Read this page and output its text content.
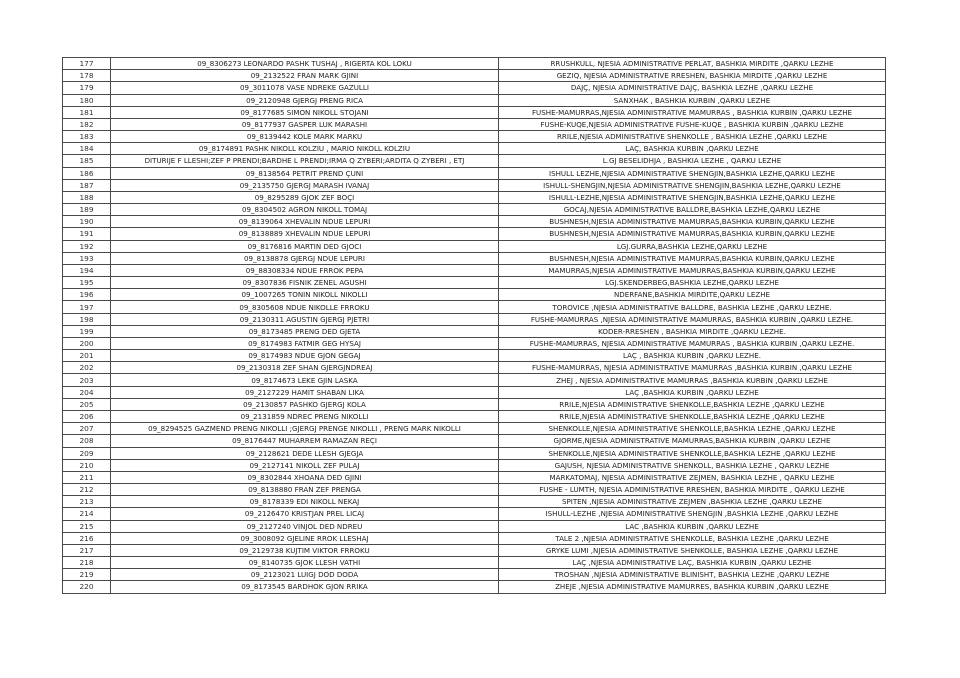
177	09_8306273 LEONARDO PASHK TUSHAJ , RIGERTA KOL LOKU	RRUSHKULL, NJESIA ADMINISTRATIVE PERLAT, BASHKIA MIRDITE ,QARKU LEZHE
178	09_2132522 FRAN MARK GJINI	GEZIQ, NJESIA ADMINISTRATIVE RRESHEN, BASHKIA MIRDITE ,QARKU LEZHE
179	09_3011078 VASE NDREKE GAZULLI	DAJÇ, NJESIA ADMINISTRATIVE DAJÇ, BASHKIA LEZHE ,QARKU LEZHE
180	09_2120948 GJERGJ PRENG RICA	SANXHAK , BASHKIA KURBIN ,QARKU LEZHE
181	09_8177685 SIMON NIKOLL STOJANI	FUSHE-MAMURRAS,NJESIA ADMINISTRATIVE MAMURRAS , BASHKIA KURBIN ,QARKU LEZHE
182	09_8177937 GASPER LUK MARASHI	FUSHE-KUQE,NJESIA ADMINISTRATIVE FUSHE-KUQE , BASHKIA KURBIN ,QARKU LEZHE
183	09_8139442 KOLE MARK MARKU	RRILE,NJESIA ADMINISTRATIVE SHENKOLLE , BASHKIA LEZHE ,QARKU LEZHE
184	09_8174891 PASHK NIKOLL KOLZIU , MARIO NIKOLL KOLZIU	LAÇ, BASHKIA KURBIN ,QARKU LEZHE
185	DITURIJE F LLESHI;ZEF P PRENDI;BARDHE L PRENDI;IRMA Q ZYBERI;ARDITA Q ZYBERI , ETJ	L.GJ BESELIDHJA , BASHKIA LEZHE , QARKU LEZHE
186	09_8138564 PETRIT PREND ÇUNI	ISHULL LEZHE,NJESIA ADMINISTRATIVE SHENGJIN,BASHKIA LEZHE,QARKU LEZHE
187	09_2135750 GJERGJ MARASH IVANAJ	ISHULL-SHENGJIN,NJESIA ADMINISTRATIVE SHENGJIN,BASHKIA LEZHE,QARKU LEZHE
188	09_8295289 GJOK ZEF BOÇI	ISHULL-LEZHE,NJESIA ADMINISTRATIVE SHENGJIN,BASHKIA LEZHE,QARKU LEZHE
189	09_8304502 AGRON NIKOLL TOMAJ	GOCAJ,NJESIA ADMINISTRATIVE BALLDRE,BASHKIA LEZHE,QARKU LEZHE
190	09_8139064 XHEVALIN NDUE LEPURI	BUSHNESH,NJESIA ADMINISTRATIVE MAMURRAS,BASHKIA KURBIN,QARKU LEZHE
191	09_8138889 XHEVALIN NDUE LEPURI	BUSHNESH,NJESIA ADMINISTRATIVE MAMURRAS,BASHKIA KURBIN,QARKU LEZHE
192	09_8176816 MARTIN DED GJOCI	LGJ.GURRA,BASHKIA LEZHE,QARKU LEZHE
193	09_8138878 GJERGJ NDUE LEPURI	BUSHNESH,NJESIA ADMINISTRATIVE MAMURRAS,BASHKIA KURBIN,QARKU LEZHE
194	09_88308334 NDUE FRROK PEPA	MAMURRAS,NJESIA ADMINISTRATIVE MAMURRAS,BASHKIA KURBIN,QARKU LEZHE
195	09_8307836 FISNIK ZENEL AGUSHI	LGJ.SKENDERBEG,BASHKIA LEZHE,QARKU LEZHE
196	09_1007265 TONIN NIKOLL NIKOLLI	NDERFANE,BASHKIA MIRDITE,QARKU LEZHE
197	09_8305608 NDUE NIKOLLE FRROKU	TOROVICE ,NJESIA ADMINISTRATIVE BALLDRE, BASHKIA LEZHE ,QARKU LEZHE.
198	09_2130311 AGUSTIN GJERGJ PJETRI	FUSHE-MAMURRAS ,NJESIA ADMINISTRATIVE MAMURRAS, BASHKIA KURBIN ,QARKU LEZHE.
199	09_8173485 PRENG DED GJETA	KODER-RRESHEN , BASHKIA MIRDITE ,QARKU LEZHE.
200	09_8174983 FATMIR GEG HYSAJ	FUSHE-MAMURRAS, NJESIA ADMINISTRATIVE MAMURRAS , BASHKIA KURBIN ,QARKU LEZHE.
201	09_8174983 NDUE GJON GEGAJ	LAÇ , BASHKIA KURBIN ,QARKU LEZHE.
202	09_2130318 ZEF SHAN GJERGJNDREAJ	FUSHE-MAMURRAS, NJESIA ADMINISTRATIVE MAMURRAS ,BASHKIA KURBIN ,QARKU LEZHE
203	09_8174673 LEKE GJIN LASKA	ZHEJ , NJESIA ADMINISTRATIVE MAMURRAS ,BASHKIA KURBIN ,QARKU LEZHE
204	09_2127229 HAMIT SHABAN LIKA	LAÇ ,BASHKIA KURBIN ,QARKU LEZHE
205	09_2130857 PASHKO GJERGJ KOLA	RRILE,NJESIA ADMINISTRATIVE SHENKOLLE,BASHKIA LEZHE ,QARKU LEZHE
206	09_2131859 NDREC PRENG NIKOLLI	RRILE,NJESIA ADMINISTRATIVE SHENKOLLE,BASHKIA LEZHE ,QARKU LEZHE
207	09_8294525 GAZMEND PRENG NIKOLLI ;GJERGJ PRENGE NIKOLLI , PRENG MARK NIKOLLI	SHENKOLLE,NJESIA ADMINISTRATIVE SHENKOLLE,BASHKIA LEZHE ,QARKU LEZHE
208	09_8176447 MUHARREM RAMAZAN REÇI	GJORME,NJESIA ADMINISTRATIVE MAMURRAS,BASHKIA KURBIN ,QARKU LEZHE
209	09_2128621 DEDE LLESH GJEGJA	SHENKOLLE,NJESIA ADMINISTRATIVE SHENKOLLE,BASHKIA LEZHE ,QARKU LEZHE
210	09_2127141 NIKOLL ZEF PULAJ	GAJUSH, NJESIA ADMINISTRATIVE SHENKOLL, BASHKIA LEZHE , QARKU LEZHE
211	09_8302844 XHOANA DED GJINI	MARKATOMAJ, NJESIA ADMINISTRATIVE ZEJMEN, BASHKIA LEZHE , QARKU LEZHE
212	09_8138880 FRAN ZEF PRENGA	FUSHE - LUMTH, NJESIA ADMINISTRATIVE RRESHEN, BASHKIA MIRDITE , QARKU LEZHE
213	09_8178339 EDI NIKOLL NEKAJ	SPITEN ,NJESIA ADMINISTRATIVE ZEJMEN ,BASHKIA LEZHE ,QARKU LEZHE
214	09_2126470 KRISTJAN PREL LICAJ	ISHULL-LEZHE ,NJESIA ADMINISTRATIVE SHENGJIN ,BASHKIA LEZHE ,QARKU LEZHE
215	09_2127240 VINJOL DED NDREU	LAC ,BASHKIA KURBIN ,QARKU LEZHE
216	09_3008092 GJELINE RROK LLESHAJ	TALE 2 ,NJESIA ADMINISTRATIVE SHENKOLLE, BASHKIA LEZHE ,QARKU LEZHE
217	09_2129738 KUJTIM VIKTOR FRROKU	GRYKE LUMI ,NJESIA ADMINISTRATIVE SHENKOLLE, BASHKIA LEZHE ,QARKU LEZHE
218	09_8140735 GJOK LLESH VATHI	LAÇ ,NJESIA ADMINISTRATIVE LAÇ, BASHKIA KURBIN ,QARKU LEZHE
219	09_2123021 LUIGJ DOD DODA	TROSHAN ,NJESIA ADMINISTRATIVE BLINISHT, BASHKIA LEZHE ,QARKU LEZHE
220	09_8173545 BARDHOK GJON RRIKA	ZHEJE ,NJESIA ADMINISTRATIVE MAMURRES, BASHKIA KURBIN ,QARKU LEZHE
